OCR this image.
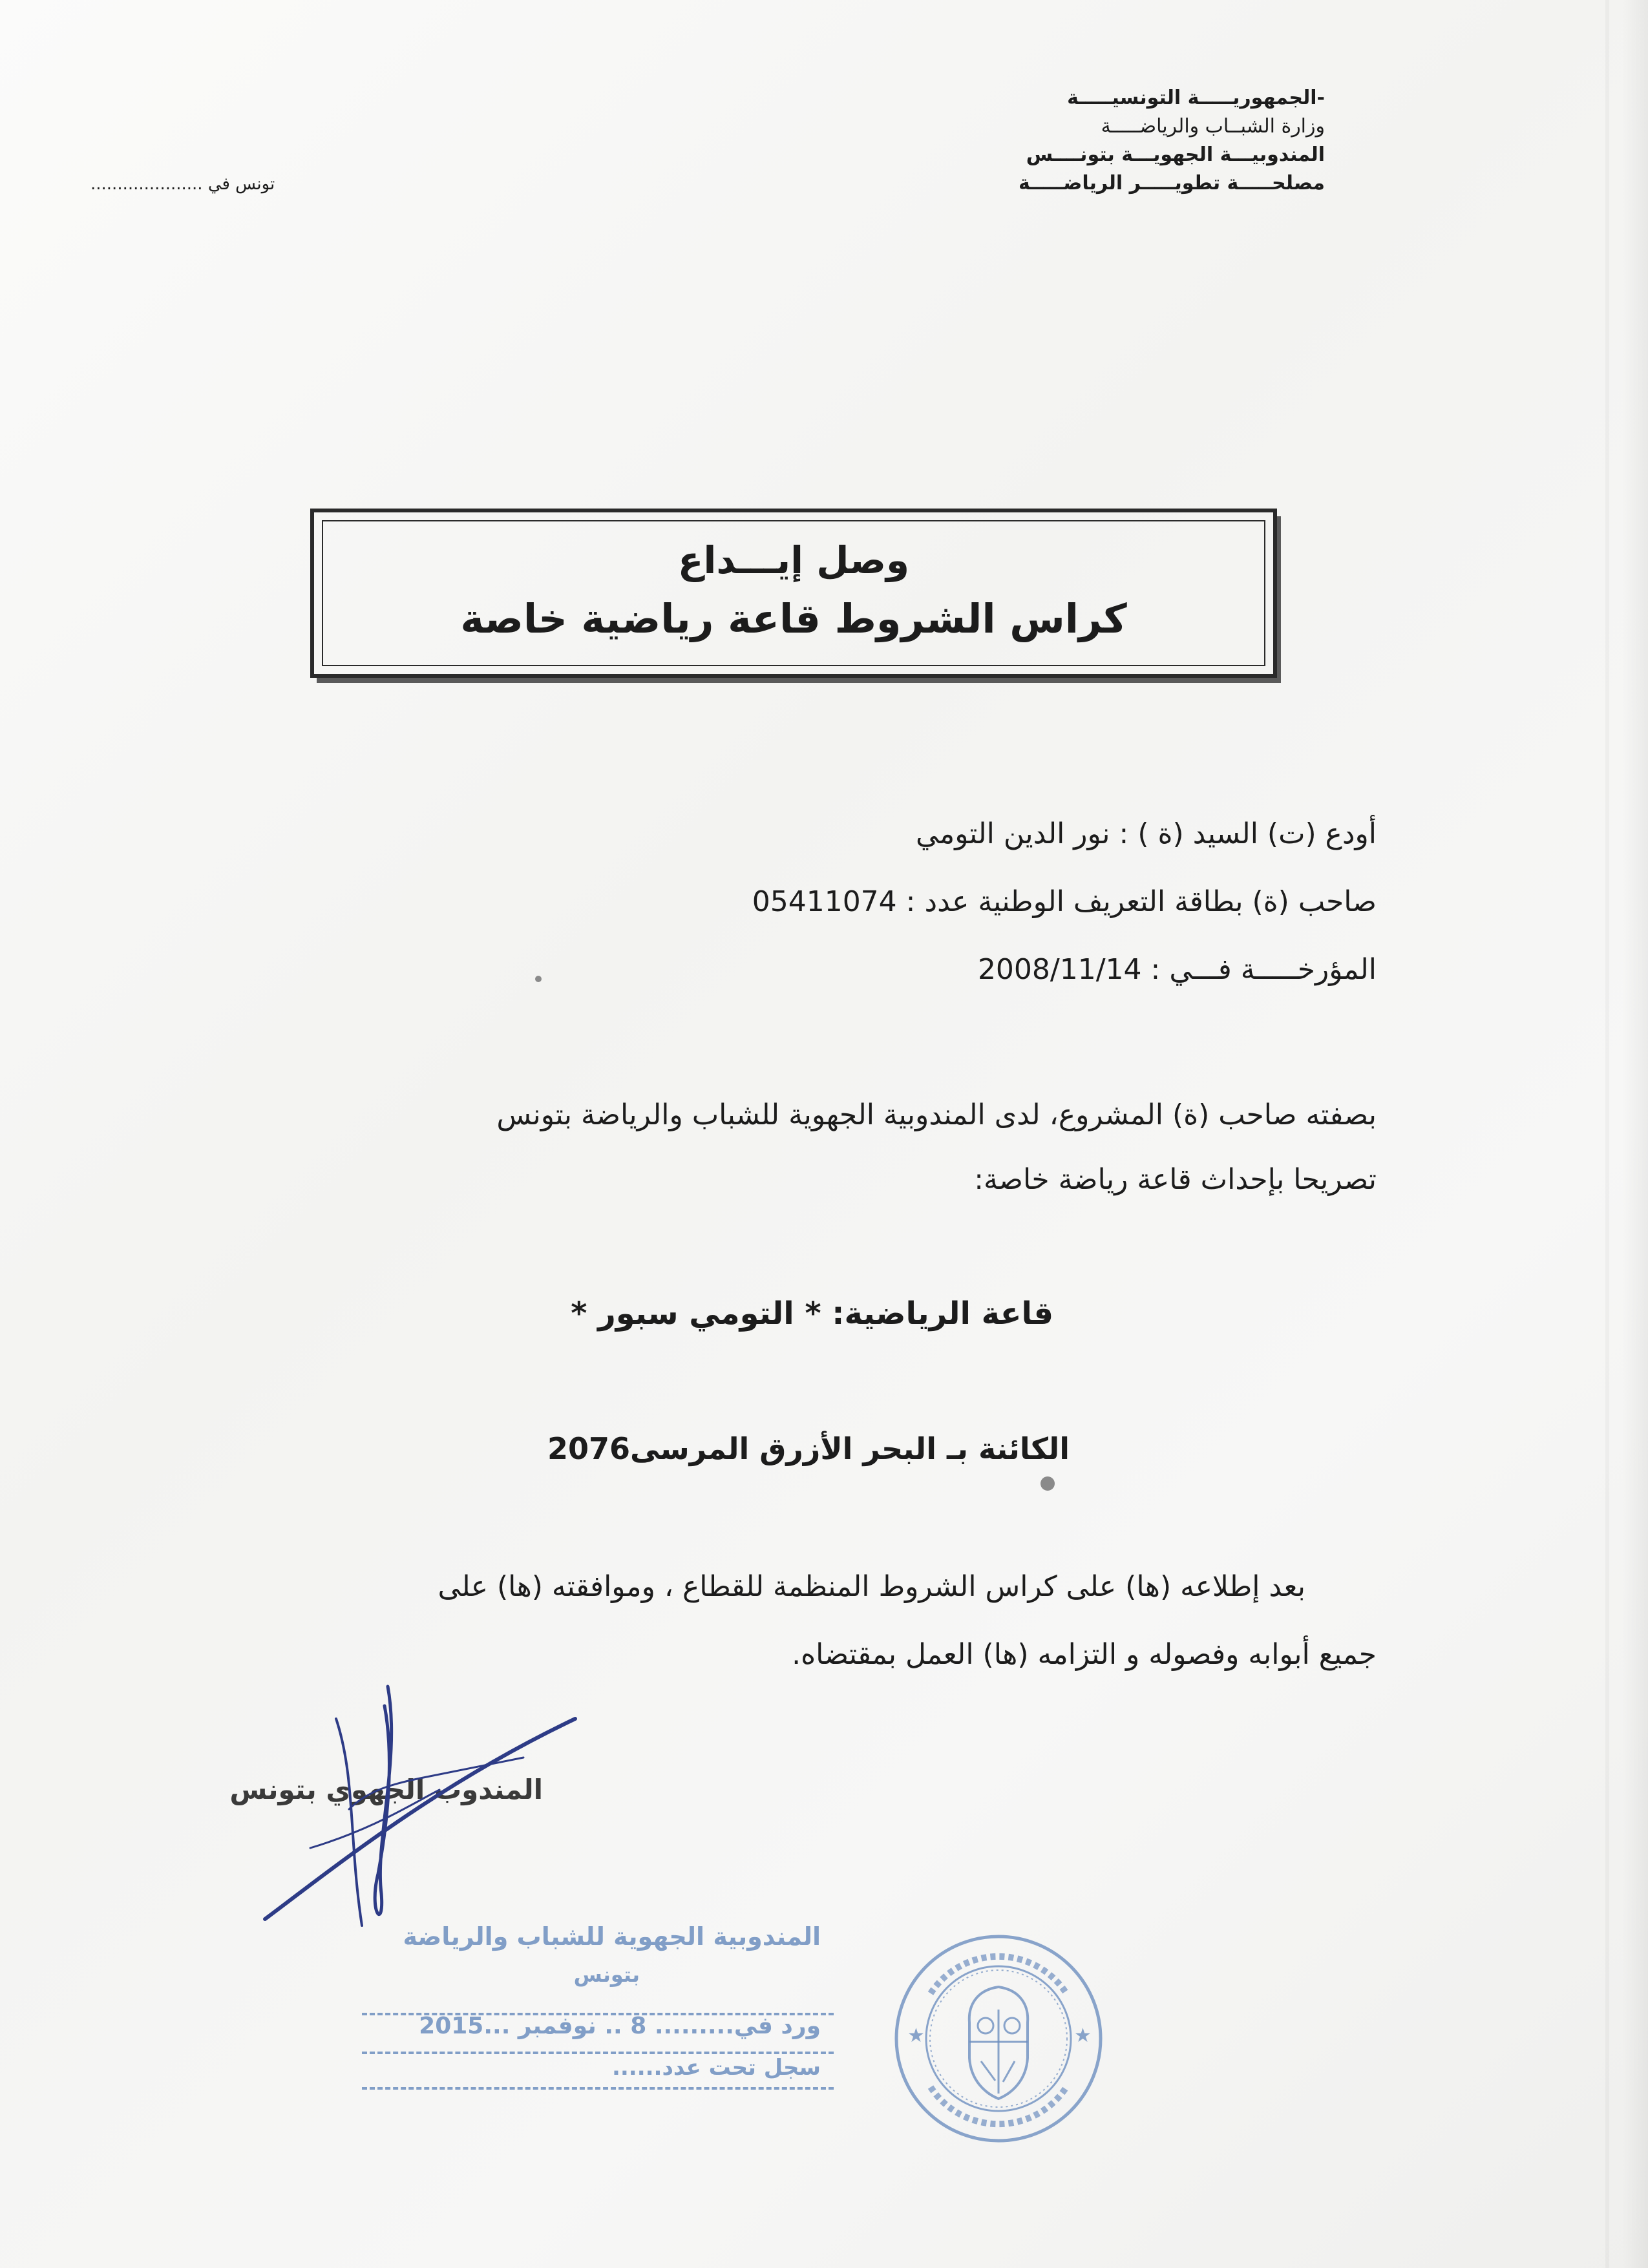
-الجمهوريـــــة التونسيـــــة
وزارة الشبــاب والرياضـــــة
المندوبيـــة الجهويـــة بتونــــس
مصلحـــــة تطويـــــر الرياضـــــة
تونس في .....................
وصل إيـــداع
كراس الشروط قاعة رياضية خاصة
أودع (ت) السيد (ة ) : نور الدين التومي
صاحب (ة) بطاقة التعريف الوطنية عدد : 05411074
المؤرخـــــة فـــي : 2008/11/14
بصفته صاحب (ة) المشروع، لدى المندوبية الجهوية للشباب والرياضة بتونس
تصريحا بإحداث قاعة رياضة خاصة:
قاعة الرياضية: * التومي سبور *
الكائنة بـ البحر الأزرق المرسى2076
بعد إطلاعه (ها) على كراس الشروط المنظمة للقطاع ، وموافقته (ها) على
جميع أبوابه وفصوله و التزامه (ها) العمل بمقتضاه.
المندوب الجهوي بتونس
المندوبية الجهوية للشباب والرياضة
بتونس
ورد في......... 8 .. نوفمبر ...2015
سجل تحت عدد......
★	★
